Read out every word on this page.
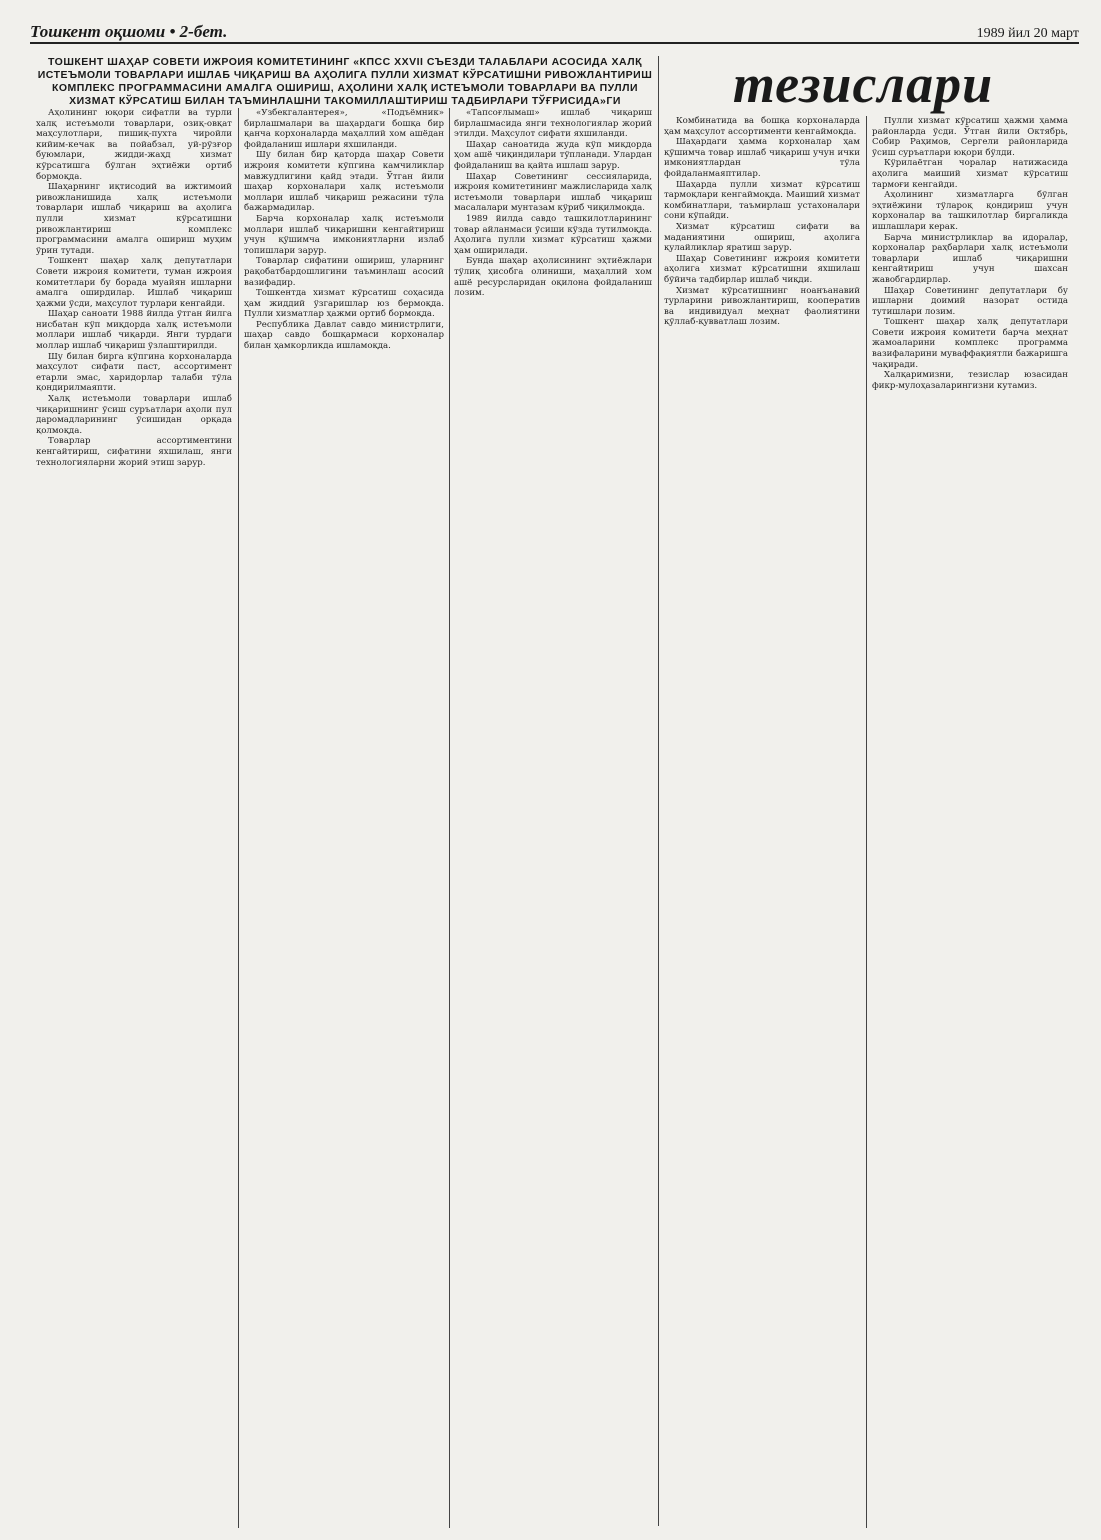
Тошкент оқшоми • 2-бет.	1989 йил 20 март
ТОШКЕНТ ШАҲАР СОВЕТИ ИЖРОИЯ КОМИТЕТИНИНГ «КПСС XXVII СЪЕЗДИ ТАЛАБЛАРИ АСОСИДА ХАЛҚ ИСТЕЪМОЛИ ТОВАРЛАРИ ИШЛАБ ЧИҚАРИШ ВА АҲОЛИГА ПУЛЛИ ХИЗМАТ КЎРСАТИШНИ РИВОЖЛАНТИРИШ КОМПЛЕКС ПРОГРАММАСИНИ АМАЛГА ОШИРИШ, АҲОЛИНИ ХАЛҚ ИСТЕЪМОЛИ ТОВАРЛАРИ ВА ПУЛЛИ ХИЗМАТ КЎРСАТИШ БИЛАН ТАЪМИНЛАШНИ ТАКОМИЛЛАШТИРИШ ТАДБИРЛАРИ ТЎҒРИСИДА»ГИ	тезислари

Аҳолининг юқори сифатли ва турли халқ истеъмоли товарлари, озиқ-овқат маҳсулотлари, пишиқ-пухта чиройли кийим-кечак ва пойабзал, уй-рўзғор буюмлари, жидди-жаҳд хизмат кўрсатишга бўлган эҳтиёжи ортиб бормоқда.

Шаҳарнинг иқтисодий ва ижтимоий ривожланишида халқ истеъмоли товарлари ишлаб чиқариш ва аҳолига пулли хизмат кўрсатишни ривожлантириш комплекс программасини амалга ошириш муҳим ўрин тутади.

Тошкент шаҳар халқ депутатлари Совети ижроия комитети, туман ижроия комитетлари бу борада муайян ишларни амалга оширдилар. Ишлаб чиқариш ҳажми ўсди, маҳсулот турлари кенгайди.

Шаҳар саноати 1988 йилда ўтган йилга нисбатан кўп миқдорда халқ истеъмоли моллари ишлаб чиқарди. Янги турдаги моллар ишлаб чиқариш ўзлаштирилди.

Шу билан бирга кўпгина корхоналарда маҳсулот сифати паст, ассортимент етарли эмас, харидорлар талаби тўла қондирилмаяпти.

Халқ истеъмоли товарлари ишлаб чиқаришнинг ўсиш суръатлари аҳоли пул даромадларининг ўсишидан орқада қолмоқда.

Товарлар ассортиментини кенгайтириш, сифатини яхшилаш, янги технологияларни жорий этиш зарур.

«Узбекгалантерея», «Подъёмник» бирлашмалари ва шаҳардаги бошқа бир қанча корхоналарда маҳаллий хом ашёдан фойдаланиш ишлари яхшиланди.

Шу билан бир қаторда шаҳар Совети ижроия комитети кўпгина камчиликлар мавжудлигини қайд этади. Ўтган йили шаҳар корхоналари халқ истеъмоли моллари ишлаб чиқариш режасини тўла бажармадилар.

Барча корхоналар халқ истеъмоли моллари ишлаб чиқаришни кенгайтириш учун қўшимча имкониятларни излаб топишлари зарур.

Товарлар сифатини ошириш, уларнинг рақобатбардошлигини таъминлаш асосий вазифадир.

Тошкентда хизмат кўрсатиш соҳасида ҳам жиддий ўзгаришлар юз бермоқда. Пулли хизматлар ҳажми ортиб бормоқда.

Республика Давлат савдо министрлиги, шаҳар савдо бошқармаси корхоналар билан ҳамкорликда ишламоқда.

«Тапсоғлымаш» ишлаб чиқариш бирлашмасида янги технологиялар жорий этилди. Маҳсулот сифати яхшиланди.

Шаҳар саноатида жуда кўп миқдорда ҳом ашё чиқиндилари тўпланади. Улардан фойдаланиш ва қайта ишлаш зарур.

Шаҳар Советининг сессияларида, ижроия комитетининг мажлисларида халқ истеъмоли товарлари ишлаб чиқариш масалалари мунтазам кўриб чиқилмоқда.

1989 йилда савдо ташкилотларининг товар айланмаси ўсиши кўзда тутилмоқда. Аҳолига пулли хизмат кўрсатиш ҳажми ҳам оширилади.

Бунда шаҳар аҳолисининг эҳтиёжлари тўлиқ ҳисобга олиниши, маҳаллий хом ашё ресурсларидан оқилона фойдаланиш лозим.

Комбинатида ва бошқа корхоналарда ҳам маҳсулот ассортименти кенгаймоқда.

Шаҳардаги ҳамма корхоналар ҳам қўшимча товар ишлаб чиқариш учун ички имкониятлардан тўла фойдаланмаяптилар.

Шаҳарда пулли хизмат кўрсатиш тармоқлари кенгаймоқда. Маиший хизмат комбинатлари, таъмирлаш устахоналари сони кўпайди.

Хизмат кўрсатиш сифати ва маданиятини ошириш, аҳолига қулайликлар яратиш зарур.

Шаҳар Советининг ижроия комитети аҳолига хизмат кўрсатишни яхшилаш бўйича тадбирлар ишлаб чиқди.

Хизмат кўрсатишнинг ноанъанавий турларини ривожлантириш, кооператив ва индивидуал меҳнат фаолиятини қўллаб-қувватлаш лозим.

Пулли хизмат кўрсатиш ҳажми ҳамма районларда ўсди. Ўтган йили Октябрь, Собир Раҳимов, Сергели районларида ўсиш суръатлари юқори бўлди.

Кўрилаётган чоралар натижасида аҳолига маиший хизмат кўрсатиш тармоғи кенгайди.

Аҳолининг хизматларга бўлган эҳтиёжини тўлароқ қондириш учун корхоналар ва ташкилотлар биргаликда ишлашлари керак.

Барча министрликлар ва идоралар, корхоналар раҳбарлари халқ истеъмоли товарлари ишлаб чиқаришни кенгайтириш учун шахсан жавобгардирлар.

Шаҳар Советининг депутатлари бу ишларни доимий назорат остида тутишлари лозим.

Тошкент шаҳар халқ депутатлари Совети ижроия комитети барча меҳнат жамоаларини комплекс программа вазифаларини муваффақиятли бажаришга чақиради.

Халқаримизни, тезислар юзасидан фикр-мулоҳазаларингизни кутамиз.
